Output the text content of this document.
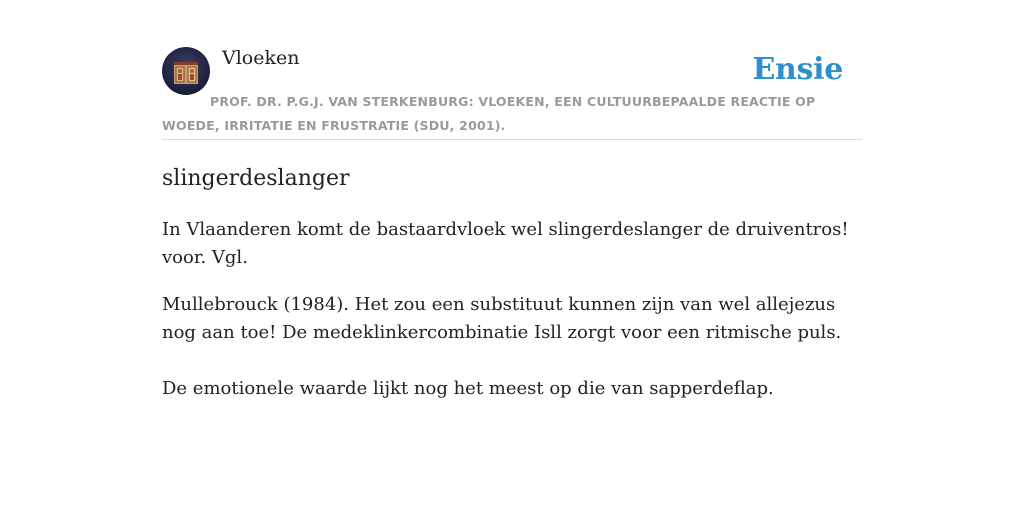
Vloeken	Ensie
PROF. DR. P.G.J. VAN STERKENBURG: VLOEKEN, EEN CULTUURBEPAALDE REACTIE OP WOEDE, IRRITATIE EN FRUSTRATIE (SDU, 2001).
slingerdeslanger

In Vlaanderen komt de bastaardvloek wel slingerdeslanger de druiventros! voor. Vgl.

Mullebrouck (1984). Het zou een substituut kunnen zijn van wel allejezus nog aan toe! De medeklinkercombinatie Isll zorgt voor een ritmische puls.

De emotionele waarde lijkt nog het meest op die van sapperdeflap.
